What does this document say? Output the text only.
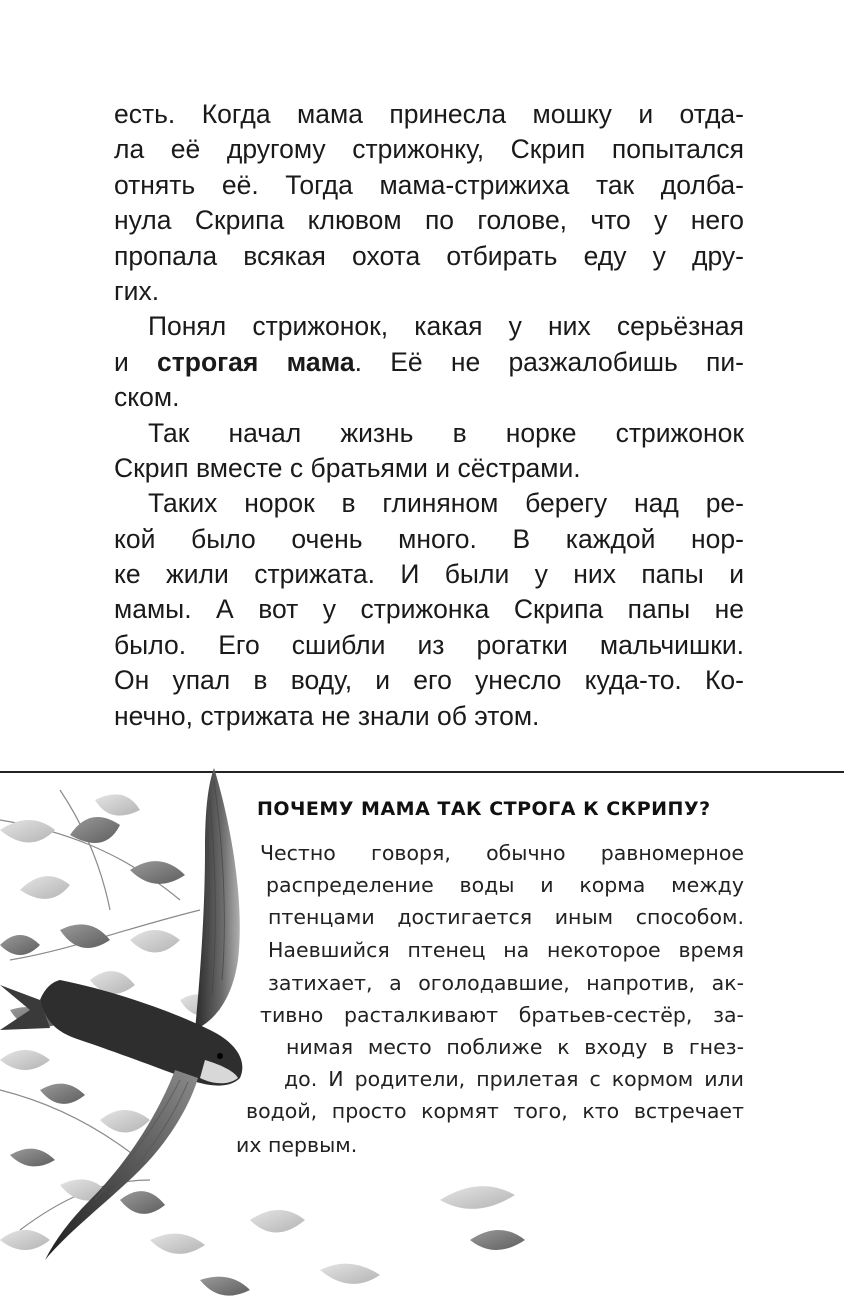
есть. Когда мама принесла мошку и отда-
ла её другому стрижонку, Скрип попытался
отнять её. Тогда мама-стрижиха так долба-
нула Скрипа клювом по голове, что у него
пропала всякая охота отбирать еду у дру-
гих.
Понял стрижонок, какая у них серьёзная
и строгая мама. Её не разжалобишь пи-
ском.
Так начал жизнь в норке стрижонок
Скрип вместе с братьями и сёстрами.
Таких норок в глиняном берегу над ре-
кой было очень много. В каждой нор-
ке жили стрижата. И были у них папы и
мамы. А вот у стрижонка Скрипа папы не
было. Его сшибли из рогатки мальчишки.
Он упал в воду, и его унесло куда-то. Ко-
нечно, стрижата не знали об этом.
ПОЧЕМУ МАМА ТАК СТРОГА К СКРИПУ?
Честно говоря, обычно равномерное
распределение воды и корма между
птенцами достигается иным способом.
Наевшийся птенец на некоторое время
затихает, а оголодавшие, напротив, ак-
тивно расталкивают братьев-сестёр, за-
нимая место поближе к входу в гнез-
до. И родители, прилетая с кормом или
водой, просто кормят того, кто встречает
их первым.
